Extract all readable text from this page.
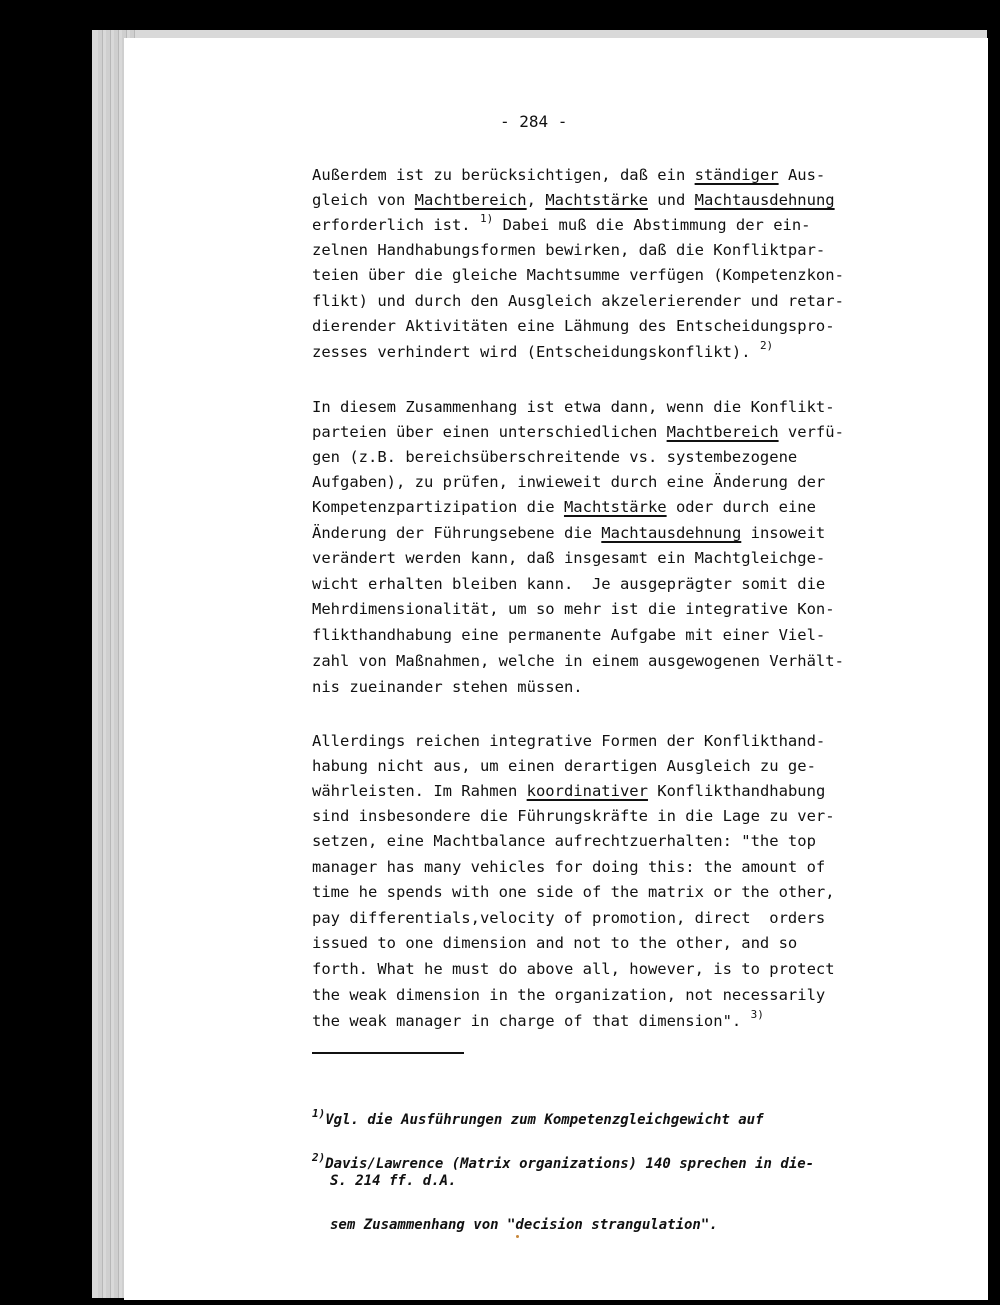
- 284 -

Außerdem ist zu berücksichtigen, daß ein ständiger Aus-

gleich von Machtbereich, Machtstärke und Machtausdehnung

erforderlich ist. $^{1)}$ Dabei muß die Abstimmung der ein-

zelnen Handhabungsformen bewirken, daß die Konfliktpar-

teien über die gleiche Machtsumme verfügen (Kompetenzkon-

flikt) und durch den Ausgleich akzelerierender und retar-

dierender Aktivitäten eine Lähmung des Entscheidungspro-

zesses verhindert wird (Entscheidungskonflikt). $^{2)}$

In diesem Zusammenhang ist etwa dann, wenn die Konflikt-

parteien über einen unterschiedlichen Machtbereich verfü-

gen (z.B. bereichsüberschreitende vs. systembezogene

Aufgaben), zu prüfen, inwieweit durch eine Änderung der

Kompetenzpartizipation die Machtstärke oder durch eine

Änderung der Führungsebene die Machtausdehnung insoweit

verändert werden kann, daß insgesamt ein Machtgleichge-

wicht erhalten bleiben kann.  Je ausgeprägter somit die

Mehrdimensionalität, um so mehr ist die integrative Kon-

flikthandhabung eine permanente Aufgabe mit einer Viel-

zahl von Maßnahmen, welche in einem ausgewogenen Verhält-

nis zueinander stehen müssen.

Allerdings reichen integrative Formen der Konflikthand-

habung nicht aus, um einen derartigen Ausgleich zu ge-

währleisten. Im Rahmen koordinativer Konflikthandhabung

sind insbesondere die Führungskräfte in die Lage zu ver-

setzen, eine Machtbalance aufrechtzuerhalten: "the top

manager has many vehicles for doing this: the amount of

time he spends with one side of the matrix or the other,

pay differentials,velocity of promotion, direct  orders

issued to one dimension and not to the other, and so

forth. What he must do above all, however, is to protect

the weak dimension in the organization, not necessarily

the weak manager in charge of that dimension". $^{3)}$

$^{1)}$Vgl. die Ausführungen zum Kompetenzgleichgewicht auf

S. 214 ff. d.A.

$^{2)}$Davis/Lawrence (Matrix organizations) 140 sprechen in die-

sem Zusammenhang von "decision strangulation".
